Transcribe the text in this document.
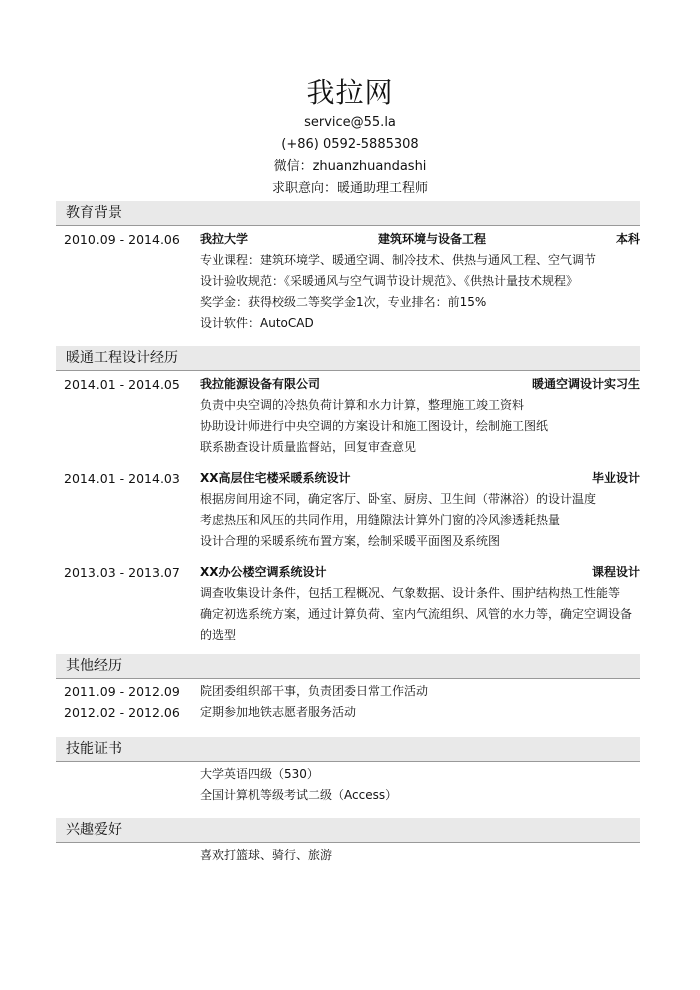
我拉网
service@55.la
(+86) 0592-5885308
微信：zhuanzhuandashi
求职意向：暖通助理工程师
教育背景
2010.09 - 2014.06 我拉大学	建筑环境与设备工程	本科
专业课程：建筑环境学、暖通空调、制冷技术、供热与通风工程、空气调节
设计验收规范：《采暖通风与空气调节设计规范》、《供热计量技术规程》
奖学金：获得校级二等奖学金1次，专业排名：前15%
设计软件：AutoCAD
暖通工程设计经历
2014.01 - 2014.05 我拉能源设备有限公司	暖通空调设计实习生
负责中央空调的冷热负荷计算和水力计算，整理施工竣工资料
协助设计师进行中央空调的方案设计和施工图设计，绘制施工图纸
联系勘查设计质量监督站，回复审查意见
2014.01 - 2014.03 XX高层住宅楼采暖系统设计	毕业设计
根据房间用途不同，确定客厅、卧室、厨房、卫生间（带淋浴）的设计温度
考虑热压和风压的共同作用，用缝隙法计算外门窗的冷风渗透耗热量
设计合理的采暖系统布置方案，绘制采暖平面图及系统图
2013.03 - 2013.07 XX办公楼空调系统设计	课程设计
调查收集设计条件，包括工程概况、气象数据、设计条件、围护结构热工性能等
确定初选系统方案，通过计算负荷、室内气流组织、风管的水力等，确定空调设备的选型
其他经历
2011.09 - 2012.09 院团委组织部干事，负责团委日常工作活动
2012.02 - 2012.06 定期参加地铁志愿者服务活动
技能证书
大学英语四级（530）
全国计算机等级考试二级（Access）
兴趣爱好
喜欢打篮球、骑行、旅游
